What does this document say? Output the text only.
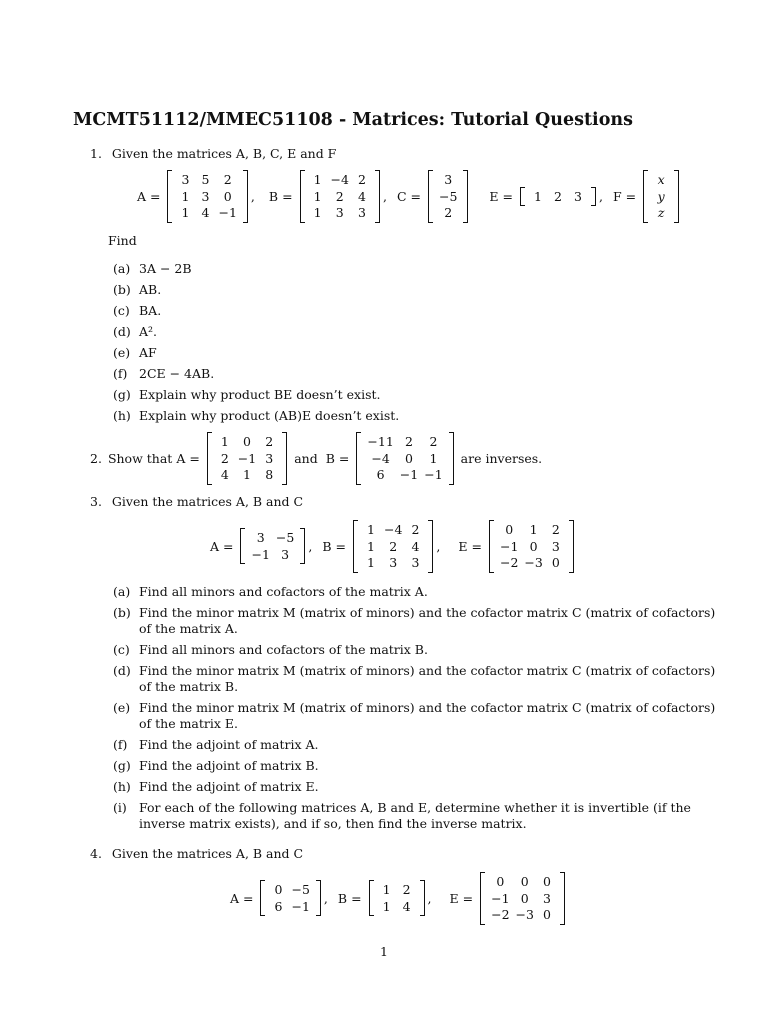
MCMT51112/MMEC51108 - Matrices: Tutorial Questions
1. Given the matrices A, B, C, E and F
A =
3 5	2
1 3	0
1 4 −1
,	B =
1 −4 2
1	2	4
1	3	3
, C =
3
−5
2
E =	1 2 3	, F =
x
y
z
Find
(a) 3A − 2B
(b) AB.
(c) BA.
(d) A².
(e) AF
(f) 2CE − 4AB.
(g) Explain why product BE doesn’t exist.
(h) Explain why product (AB)E doesn’t exist.
2. Show that A =
1	0	2
2 −1 3
4	1	8
and B =
−11 2	2
−4	0	1
6	−1 −1
are inverses.
3. Given the matrices A, B and C
A =
3 −5
−1 3
, B =
1 −4 2
1	2	4
1	3	3
,	E =
0	1	2
−1 0	3
−2 −3 0
(a) Find all minors and cofactors of the matrix A.
(b) Find the minor matrix M (matrix of minors) and the cofactor matrix C (matrix of cofactors)
of the matrix A.
(c) Find all minors and cofactors of the matrix B.
(d) Find the minor matrix M (matrix of minors) and the cofactor matrix C (matrix of cofactors)
of the matrix B.
(e) Find the minor matrix M (matrix of minors) and the cofactor matrix C (matrix of cofactors)
of the matrix E.
(f) Find the adjoint of matrix A.
(g) Find the adjoint of matrix B.
(h) Find the adjoint of matrix E.
(i) For each of the following matrices A, B and E, determine whether it is invertible (if the
inverse matrix exists), and if so, then find the inverse matrix.
4. Given the matrices A, B and C
A =
0 −5
6 −1
, B =
1 2
1 4
,	E =
0	0	0
−1 0	3
−2 −3 0
1
